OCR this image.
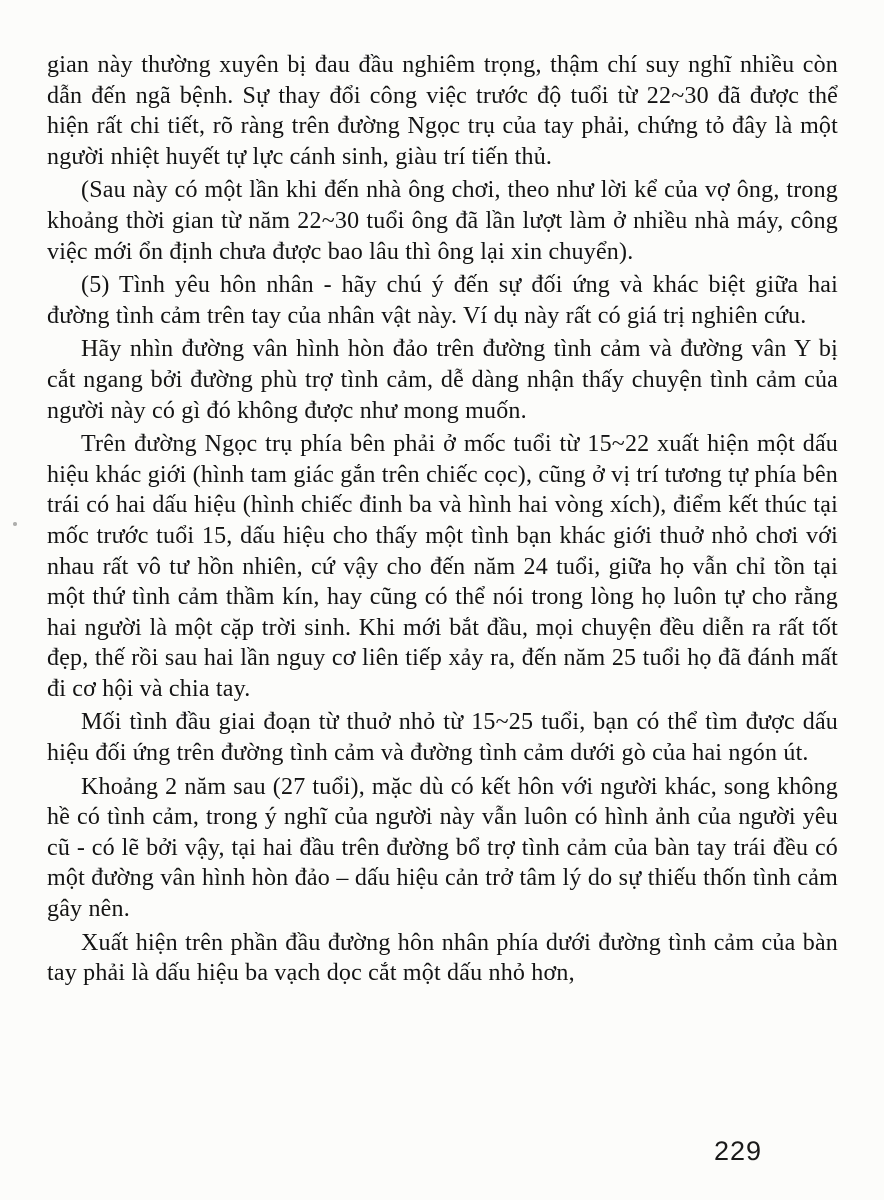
gian này thường xuyên bị đau đầu nghiêm trọng, thậm chí suy nghĩ nhiều còn dẫn đến ngã bệnh. Sự thay đổi công việc trước độ tuổi từ 22~30 đã được thể hiện rất chi tiết, rõ ràng trên đường Ngọc trụ của tay phải, chứng tỏ đây là một người nhiệt huyết tự lực cánh sinh, giàu trí tiến thủ.

(Sau này có một lần khi đến nhà ông chơi, theo như lời kể của vợ ông, trong khoảng thời gian từ năm 22~30 tuổi ông đã lần lượt làm ở nhiều nhà máy, công việc mới ổn định chưa được bao lâu thì ông lại xin chuyển).

(5) Tình yêu hôn nhân - hãy chú ý đến sự đối ứng và khác biệt giữa hai đường tình cảm trên tay của nhân vật này. Ví dụ này rất có giá trị nghiên cứu.

Hãy nhìn đường vân hình hòn đảo trên đường tình cảm và đường vân Y bị cắt ngang bởi đường phù trợ tình cảm, dễ dàng nhận thấy chuyện tình cảm của người này có gì đó không được như mong muốn.

Trên đường Ngọc trụ phía bên phải ở mốc tuổi từ 15~22 xuất hiện một dấu hiệu khác giới (hình tam giác gắn trên chiếc cọc), cũng ở vị trí tương tự phía bên trái có hai dấu hiệu (hình chiếc đinh ba và hình hai vòng xích), điểm kết thúc tại mốc trước tuổi 15, dấu hiệu cho thấy một tình bạn khác giới thuở nhỏ chơi với nhau rất vô tư hồn nhiên, cứ vậy cho đến năm 24 tuổi, giữa họ vẫn chỉ tồn tại một thứ tình cảm thầm kín, hay cũng có thể nói trong lòng họ luôn tự cho rằng hai người là một cặp trời sinh. Khi mới bắt đầu, mọi chuyện đều diễn ra rất tốt đẹp, thế rồi sau hai lần nguy cơ liên tiếp xảy ra, đến năm 25 tuổi họ đã đánh mất đi cơ hội và chia tay.

Mối tình đầu giai đoạn từ thuở nhỏ từ 15~25 tuổi, bạn có thể tìm được dấu hiệu đối ứng trên đường tình cảm và đường tình cảm dưới gò của hai ngón út.

Khoảng 2 năm sau (27 tuổi), mặc dù có kết hôn với người khác, song không hề có tình cảm, trong ý nghĩ của người này vẫn luôn có hình ảnh của người yêu cũ - có lẽ bởi vậy, tại hai đầu trên đường bổ trợ tình cảm của bàn tay trái đều có một đường vân hình hòn đảo – dấu hiệu cản trở tâm lý do sự thiếu thốn tình cảm gây nên.

Xuất hiện trên phần đầu đường hôn nhân phía dưới đường tình cảm của bàn tay phải là dấu hiệu ba vạch dọc cắt một dấu nhỏ hơn,

229
